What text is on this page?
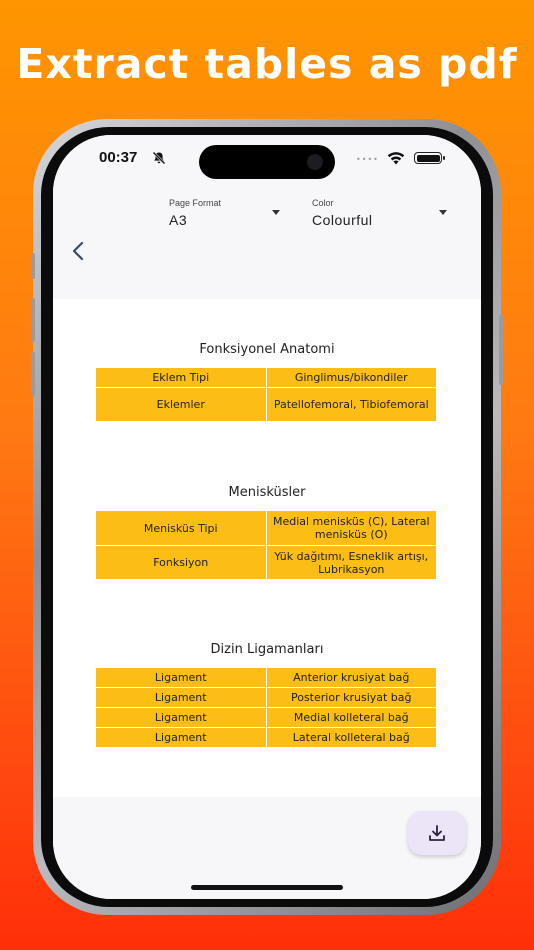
Extract tables as pdf
00:37	••••
Page Format
A3
Color
Colourful
Fonksiyonel Anatomi
Eklem Tipi	Ginglimus/bikondiler
Eklemler	Patellofemoral, Tibiofemoral
Menisküsler
Menisküs Tipi	Medial menisküs (C), Lateral menisküs (O)
Fonksiyon	Yük dağıtımı, Esneklik artışı, Lubrikasyon
Dizin Ligamanları
Ligament	Anterior krusiyat bağ
Ligament	Posterior krusiyat bağ
Ligament	Medial kolleteral bağ
Ligament	Lateral kolleteral bağ
